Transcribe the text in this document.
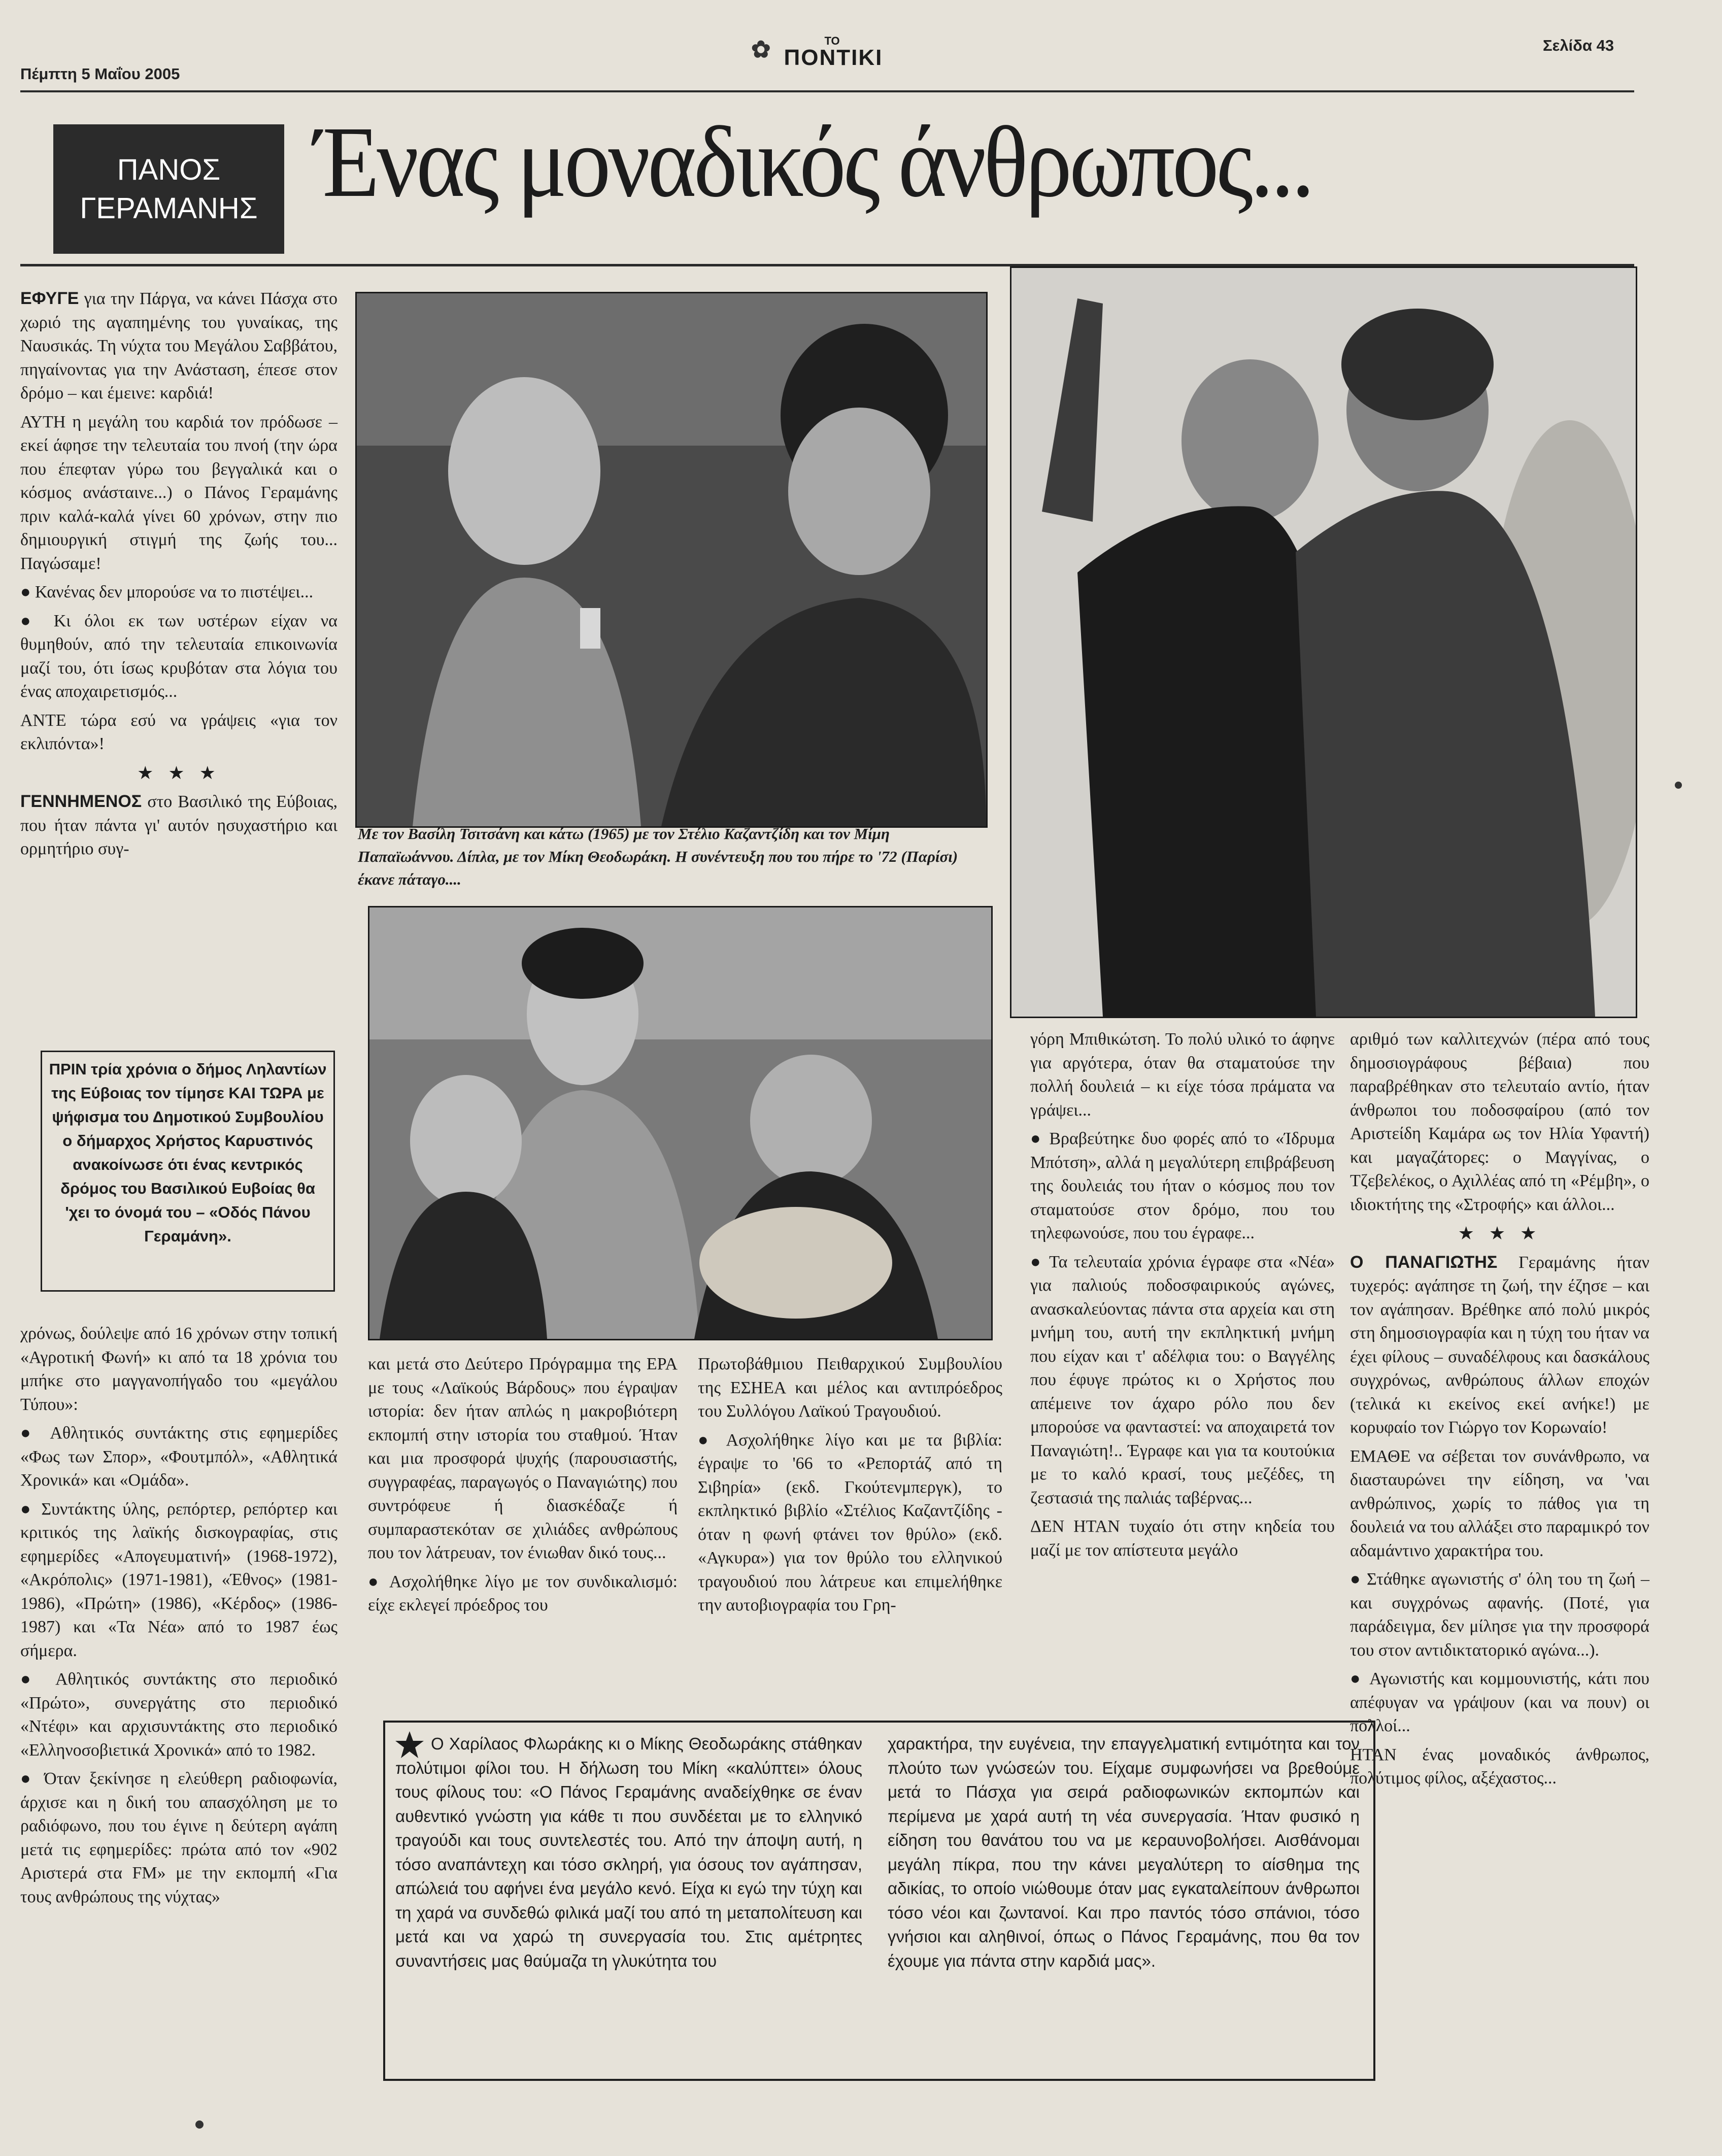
Πέμπτη 5 Μαΐου 2005
✿	ΤΟ
ΠΟΝΤΙΚΙ	Σελίδα 43
ΠΑΝΟΣ
ΓΕΡΑΜΑΝΗΣ Ένας μοναδικός άνθρωπος...

ΕΦΥΓΕ για την Πάργα, να κάνει Πάσχα στο χωριό της αγαπημένης του γυναίκας, της Ναυσικάς. Τη νύχτα του Μεγάλου Σαββάτου, πηγαίνοντας για την Ανάσταση, έπεσε στον δρόμο – και έμεινε: καρδιά!

ΑΥΤΗ η μεγάλη του καρδιά τον πρόδωσε – εκεί άφησε την τελευταία του πνοή (την ώρα που έπεφταν γύρω του βεγγαλικά και ο κόσμος ανάσταινε...) ο Πάνος Γεραμάνης πριν καλά-καλά γίνει 60 χρόνων, στην πιο δημιουργική στιγμή της ζωής του... Παγώσαμε!

● Κανένας δεν μπορούσε να το πιστέψει...

● Κι όλοι εκ των υστέρων είχαν να θυμηθούν, από την τελευταία επικοινωνία μαζί του, ότι ίσως κρυβόταν στα λόγια του ένας αποχαιρετισμός...

ΑΝΤΕ τώρα εσύ να γράψεις «για τον εκλιπόντα»!

★ ★ ★

ΓΕΝΝΗΜΕΝΟΣ στο Βασιλικό της Εύβοιας, που ήταν πάντα γι' αυτόν ησυχαστήριο και ορμητήριο συγ-

ΠΡΙΝ τρία χρόνια ο δήμος Ληλαντίων της Εύβοιας τον τίμησε ΚΑΙ ΤΩΡΑ με ψήφισμα του Δημοτικού Συμβουλίου ο δήμαρχος Χρήστος Καρυστινός ανακοίνωσε ότι ένας κεντρικός δρόμος του Βασιλικού Ευβοίας θα 'χει το όνομά του – «Οδός Πάνου Γεραμάνη».

χρόνως, δούλεψε από 16 χρόνων στην τοπική «Αγροτική Φωνή» κι από τα 18 χρόνια του μπήκε στο μαγγανοπήγαδο του «μεγάλου Τύπου»:

● Αθλητικός συντάκτης στις εφημερίδες «Φως των Σπορ», «Φουτμπόλ», «Αθλητικά Χρονικά» και «Ομάδα».

● Συντάκτης ύλης, ρεπόρτερ, ρεπόρτερ και κριτικός της λαϊκής δισκογραφίας, στις εφημερίδες «Απογευματινή» (1968-1972), «Ακρόπολις» (1971-1981), «Έθνος» (1981-1986), «Πρώτη» (1986), «Κέρδος» (1986-1987) και «Τα Νέα» από το 1987 έως σήμερα.

● Αθλητικός συντάκτης στο περιοδικό «Πρώτο», συνεργάτης στο περιοδικό «Ντέφι» και αρχισυντάκτης στο περιοδικό «Ελληνοσοβιετικά Χρονικά» από το 1982.

● Όταν ξεκίνησε η ελεύθερη ραδιοφωνία, άρχισε και η δική του απασχόληση με το ραδιόφωνο, που του έγινε η δεύτερη αγάπη μετά τις εφημερίδες: πρώτα από τον «902 Αριστερά στα FM» με την εκπομπή «Για τους ανθρώπους της νύχτας»

Με τον Βασίλη Τσιτσάνη και κάτω (1965) με τον Στέλιο Καζαντζίδη και τον Μίμη Παπαϊωάννου. Δίπλα, με τον Μίκη Θεοδωράκη. Η συνέντευξη που του πήρε το '72 (Παρίσι) έκανε πάταγο....

και μετά στο Δεύτερο Πρόγραμμα της ΕΡΑ με τους «Λαϊκούς Βάρδους» που έγραψαν ιστορία: δεν ήταν απλώς η μακροβιότερη εκπομπή στην ιστορία του σταθμού. Ήταν και μια προσφορά ψυχής (παρουσιαστής, συγγραφέας, παραγωγός ο Παναγιώτης) που συντρόφευε ή διασκέδαζε ή συμπαραστεκόταν σε χιλιάδες ανθρώπους που τον λάτρευαν, τον ένιωθαν δικό τους...

● Ασχολήθηκε λίγο με τον συνδικαλισμό: είχε εκλεγεί πρόεδρος του

Πρωτοβάθμιου Πειθαρχικού Συμβουλίου της ΕΣΗΕΑ και μέλος και αντιπρόεδρος του Συλλόγου Λαϊκού Τραγουδιού.

● Ασχολήθηκε λίγο και με τα βιβλία: έγραψε το '66 το «Ρεπορτάζ από τη Σιβηρία» (εκδ. Γκούτενμπεργκ), το εκπληκτικό βιβλίο «Στέλιος Καζαντζίδης - όταν η φωνή φτάνει τον θρύλο» (εκδ. «Αγκυρα») για τον θρύλο του ελληνικού τραγουδιού που λάτρευε και επιμελήθηκε την αυτοβιογραφία του Γρη-

γόρη Μπιθικώτση. Το πολύ υλικό το άφηνε για αργότερα, όταν θα σταματούσε την πολλή δουλειά – κι είχε τόσα πράματα να γράψει...

● Βραβεύτηκε δυο φορές από το «Ίδρυμα Μπότση», αλλά η μεγαλύτερη επιβράβευση της δουλειάς του ήταν ο κόσμος που τον σταματούσε στον δρόμο, που του τηλεφωνούσε, που του έγραφε...

● Τα τελευταία χρόνια έγραφε στα «Νέα» για παλιούς ποδοσφαιρικούς αγώνες, ανασκαλεύοντας πάντα στα αρχεία και στη μνήμη του, αυτή την εκπληκτική μνήμη που είχαν και τ' αδέλφια του: ο Βαγγέλης που έφυγε πρώτος κι ο Χρήστος που απέμεινε τον άχαρο ρόλο που δεν μπορούσε να φανταστεί: να αποχαιρετά τον Παναγιώτη!.. Έγραφε και για τα κουτούκια με το καλό κρασί, τους μεζέδες, τη ζεστασιά της παλιάς ταβέρνας...

ΔΕΝ ΗΤΑΝ τυχαίο ότι στην κηδεία του μαζί με τον απίστευτα μεγάλο

αριθμό των καλλιτεχνών (πέρα από τους δημοσιογράφους βέβαια) που παραβρέθηκαν στο τελευταίο αντίο, ήταν άνθρωποι του ποδοσφαίρου (από τον Αριστείδη Καμάρα ως τον Ηλία Υφαντή) και μαγαζάτορες: ο Μαγγίνας, ο Τζεβελέκος, ο Αχιλλέας από τη «Ρέμβη», ο ιδιοκτήτης της «Στροφής» και άλλοι...

★ ★ ★

Ο ΠΑΝΑΓΙΩΤΗΣ Γεραμάνης ήταν τυχερός: αγάπησε τη ζωή, την έζησε – και τον αγάπησαν. Βρέθηκε από πολύ μικρός στη δημοσιογραφία και η τύχη του ήταν να έχει φίλους – συναδέλφους και δασκάλους συγχρόνως, ανθρώπους άλλων εποχών (τελικά κι εκείνος εκεί ανήκε!) με κορυφαίο τον Γιώργο τον Κορωναίο!

ΕΜΑΘΕ να σέβεται τον συνάνθρωπο, να διασταυρώνει την είδηση, να 'ναι ανθρώπινος, χωρίς το πάθος για τη δουλειά να του αλλάξει στο παραμικρό τον αδαμάντινο χαρακτήρα του.

● Στάθηκε αγωνιστής σ' όλη του τη ζωή – και συγχρόνως αφανής. (Ποτέ, για παράδειγμα, δεν μίλησε για την προσφορά του στον αντιδικτατορικό αγώνα...).

● Αγωνιστής και κομμουνιστής, κάτι που απέφυγαν να γράψουν (και να πουν) οι πολλοί...

ΗΤΑΝ ένας μοναδικός άνθρωπος, πολύτιμος φίλος, αξέχαστος...

Ο Χαρίλαος Φλωράκης κι ο Μίκης Θεοδωράκης στάθηκαν πολύτιμοι φίλοι του. Η δήλωση του Μίκη «καλύπτει» όλους τους φίλους του: «Ο Πάνος Γεραμάνης αναδείχθηκε σε έναν αυθεντικό γνώστη για κάθε τι που συνδέεται με το ελληνικό τραγούδι και τους συντελεστές του. Από την άποψη αυτή, η τόσο αναπάντεχη και τόσο σκληρή, για όσους τον αγάπησαν, απώλειά του αφήνει ένα μεγάλο κενό. Είχα κι εγώ την τύχη και τη χαρά να συνδεθώ φιλικά μαζί του από τη μεταπολίτευση και μετά και να χαρώ τη συνεργασία του. Στις αμέτρητες συναντήσεις μας θαύμαζα τη γλυκύτητα του
χαρακτήρα, την ευγένεια, την επαγγελματική εντιμότητα και τον πλούτο των γνώσεών του. Είχαμε συμφωνήσει να βρεθούμε μετά το Πάσχα για σειρά ραδιοφωνικών εκπομπών και περίμενα με χαρά αυτή τη νέα συνεργασία. Ήταν φυσικό η είδηση του θανάτου του να με κεραυνοβολήσει. Αισθάνομαι μεγάλη πίκρα, που την κάνει μεγαλύτερη το αίσθημα της αδικίας, το οποίο νιώθουμε όταν μας εγκαταλείπουν άνθρωποι τόσο νέοι και ζωντανοί. Και προ παντός τόσο σπάνιοι, τόσο γνήσιοι και αληθινοί, όπως ο Πάνος Γεραμάνης, που θα τον έχουμε για πάντα στην καρδιά μας».
